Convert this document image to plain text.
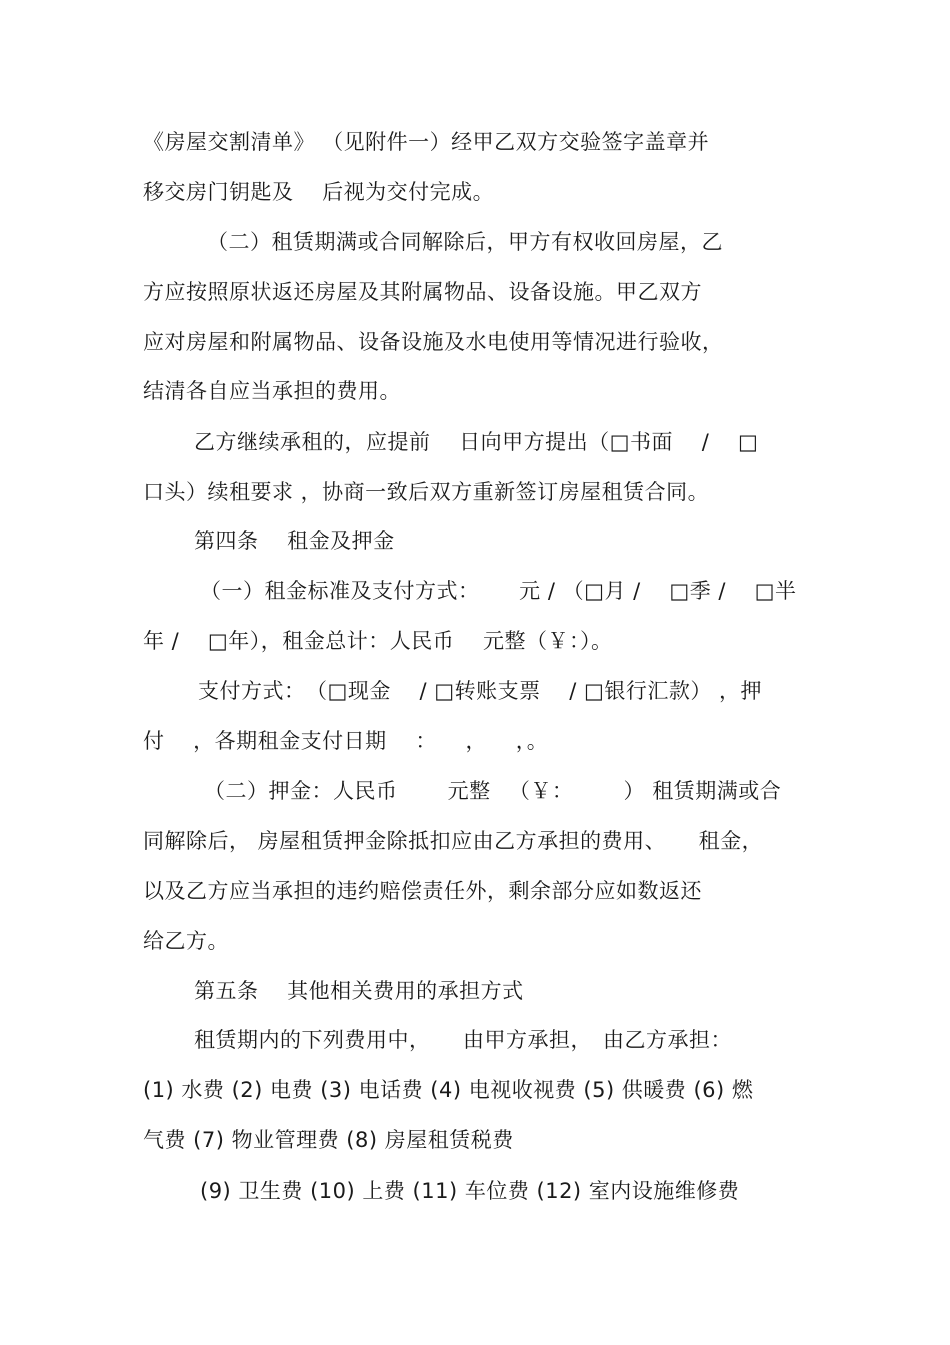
《房屋交割清单》 （见附件一）经甲乙双方交验签字盖章并
移交房门钥匙及　 后视为交付完成。
（二）租赁期满或合同解除后，甲方有权收回房屋，乙
方应按照原状返还房屋及其附属物品、设备设施。甲乙双方
应对房屋和附属物品、设备设施及水电使用等情况进行验收，
结清各自应当承担的费用。
乙方继续承租的，应提前 　日向甲方提出（□书面　 /　 □
口头）续租要求 ，协商一致后双方重新签订房屋租赁合同。
第四条 　租金及押金
（一）租金标准及支付方式：　　 元 / （□月 / 　□季 / 　□半
年 / 　□年），租金总计：人民币　 元整（￥：）。
支付方式：　（□现金 　/ □转账支票 　/ □银行汇款） ，押
付 　，各期租金支付日期 　： 　， 　，。
（二）押金：人民币 　　元整 　（￥： 　　） 租赁期满或合
同解除后， 房屋租赁押金除抵扣应由乙方承担的费用、　　租金，
以及乙方应当承担的违约赔偿责任外，剩余部分应如数返还
给乙方。
第五条 　其他相关费用的承担方式
租赁期内的下列费用中，　　由甲方承担，　由乙方承担：
(1) 水费 (2) 电费 (3) 电话费 (4) 电视收视费 (5) 供暖费 (6) 燃
气费 (7) 物业管理费 (8) 房屋租赁税费
(9) 卫生费 (10) 上费 (11) 车位费 (12) 室内设施维修费
